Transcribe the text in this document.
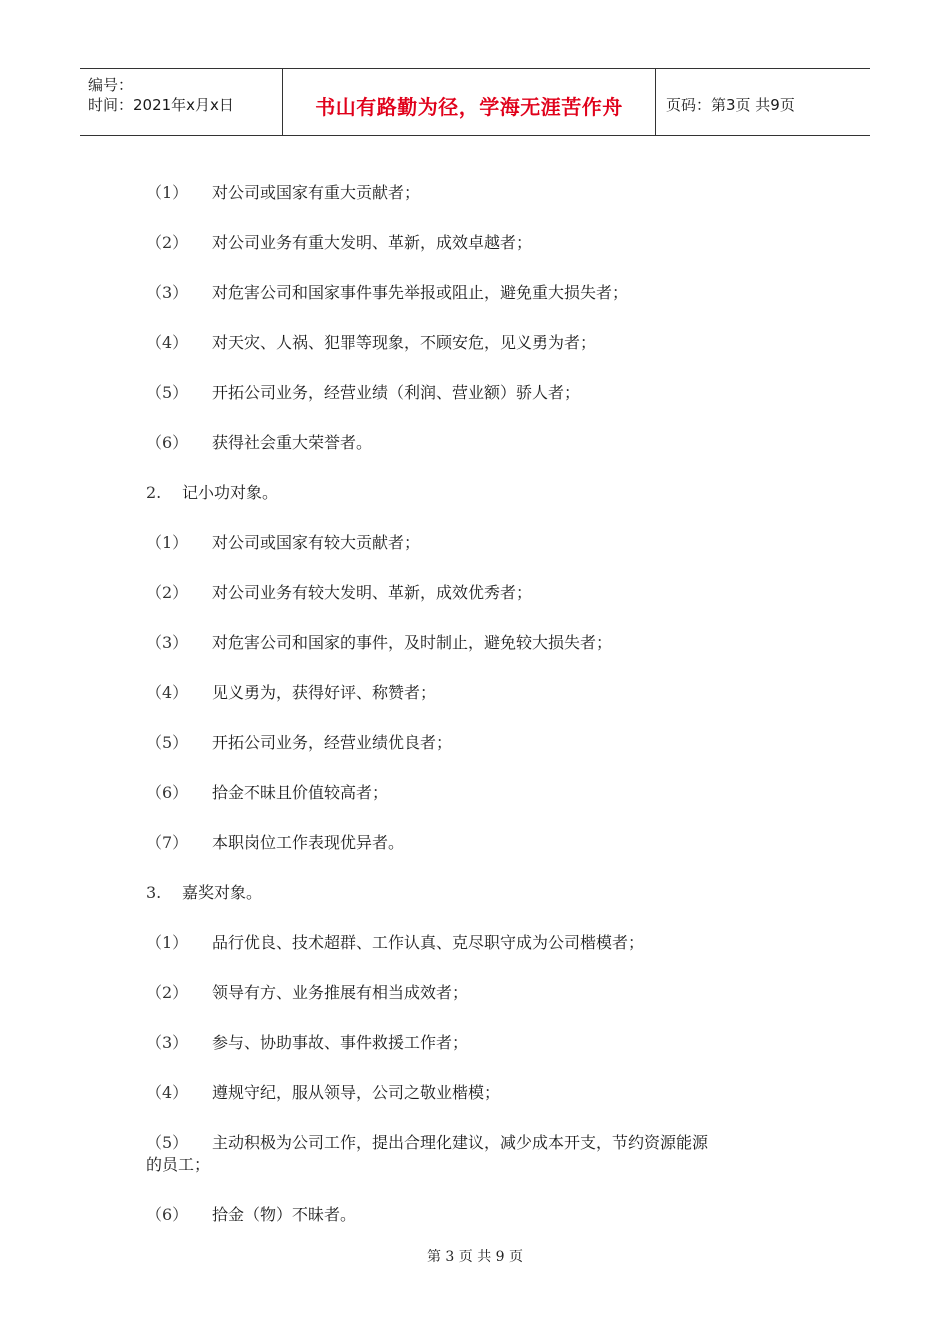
编号：
时间：2021年x月x日	书山有路勤为径，学海无涯苦作舟	页码：第3页 共9页
（1） 对公司或国家有重大贡献者；
（2） 对公司业务有重大发明、革新，成效卓越者；
（3） 对危害公司和国家事件事先举报或阻止，避免重大损失者；
（4） 对天灾、人祸、犯罪等现象，不顾安危，见义勇为者；
（5） 开拓公司业务，经营业绩（利润、营业额）骄人者；
（6） 获得社会重大荣誉者。
2. 记小功对象。
（1） 对公司或国家有较大贡献者；
（2） 对公司业务有较大发明、革新，成效优秀者；
（3） 对危害公司和国家的事件，及时制止，避免较大损失者；
（4） 见义勇为，获得好评、称赞者；
（5） 开拓公司业务，经营业绩优良者；
（6） 拾金不昧且价值较高者；
（7） 本职岗位工作表现优异者。
3. 嘉奖对象。
（1） 品行优良、技术超群、工作认真、克尽职守成为公司楷模者；
（2） 领导有方、业务推展有相当成效者；
（3） 参与、协助事故、事件救援工作者；
（4） 遵规守纪，服从领导，公司之敬业楷模；
（5） 主动积极为公司工作，提出合理化建议，减少成本开支，节约资源能源
的员工；
（6） 拾金（物）不昧者。
第 3 页 共 9 页
